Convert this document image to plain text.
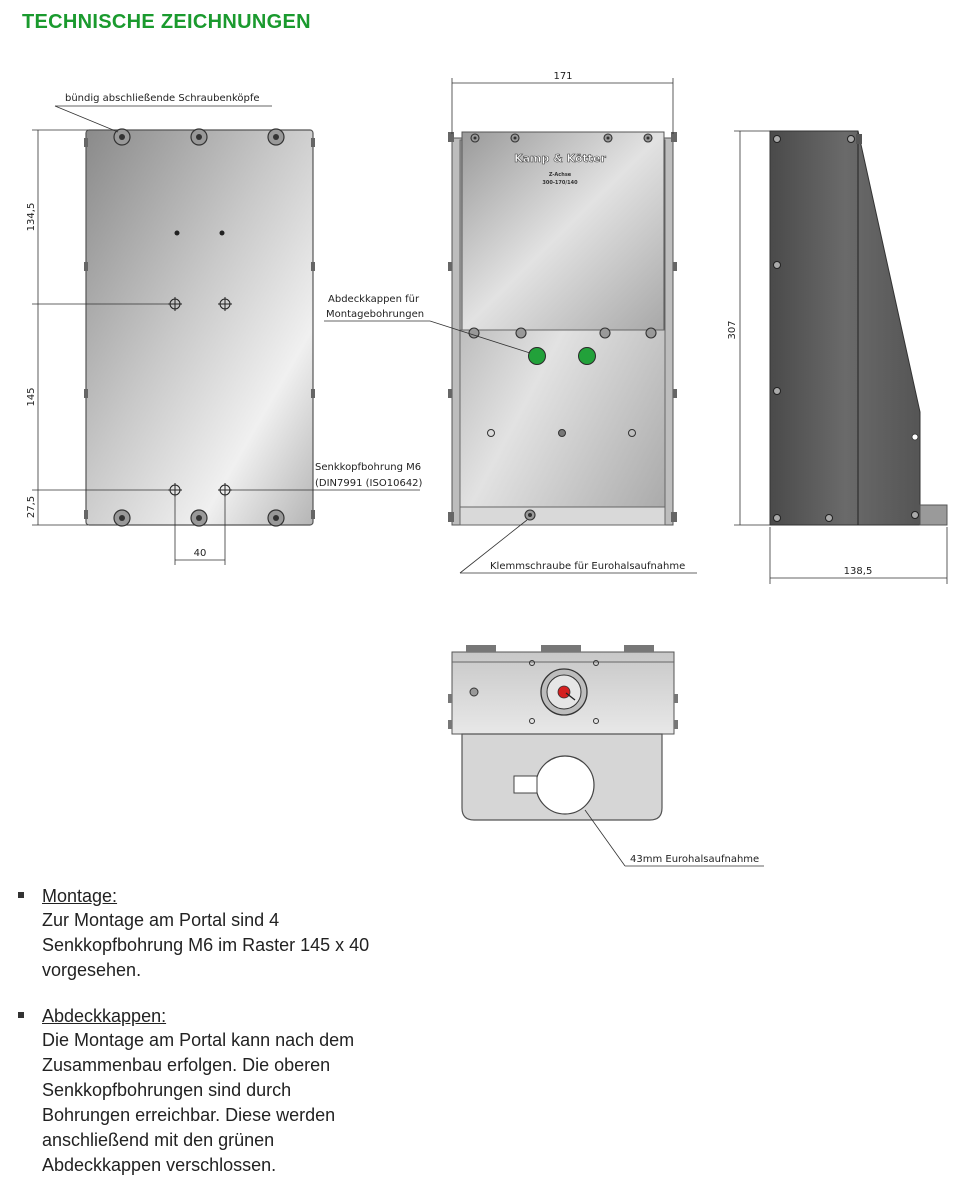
TECHNISCHE ZEICHNUNGEN
134,5
145
27,5
40
bündig abschließende Schraubenköpfe
Senkkopfbohrung M6
(DIN7991 (ISO10642)
Kamp & Kötter
Z-Achse
300-170/140
171
Abdeckkappen für
Montagebohrungen
Klemmschraube für Eurohalsaufnahme
307
138,5
43mm Eurohalsaufnahme
Montage:
Zur Montage am Portal sind 4
Senkkopfbohrung M6 im Raster 145 x 40
vorgesehen.
Abdeckkappen:
Die Montage am Portal kann nach dem
Zusammenbau erfolgen. Die oberen
Senkkopfbohrungen sind durch
Bohrungen erreichbar. Diese werden
anschließend mit den grünen
Abdeckkappen verschlossen.
